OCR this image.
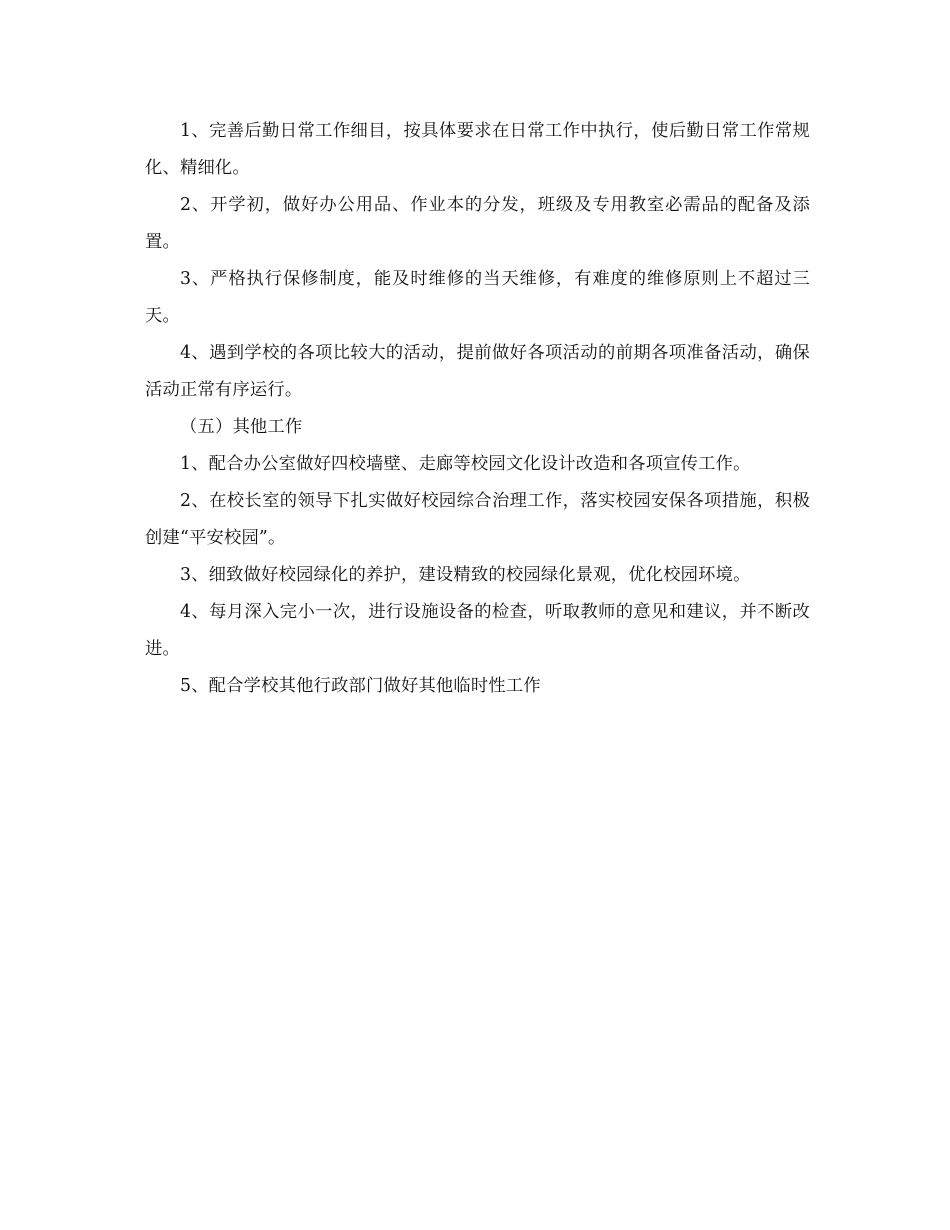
1、完善后勤日常工作细目，按具体要求在日常工作中执行，使后勤日常工作常规化、精细化。

2、开学初，做好办公用品、作业本的分发，班级及专用教室必需品的配备及添置。

3、严格执行保修制度，能及时维修的当天维修，有难度的维修原则上不超过三天。

4、遇到学校的各项比较大的活动，提前做好各项活动的前期各项准备活动，确保活动正常有序运行。

（五）其他工作

1、配合办公室做好四校墙壁、走廊等校园文化设计改造和各项宣传工作。

2、在校长室的领导下扎实做好校园综合治理工作，落实校园安保各项措施，积极创建“平安校园”。

3、细致做好校园绿化的养护，建设精致的校园绿化景观，优化校园环境。

4、每月深入完小一次，进行设施设备的检查，听取教师的意见和建议，并不断改进。

5、配合学校其他行政部门做好其他临时性工作
